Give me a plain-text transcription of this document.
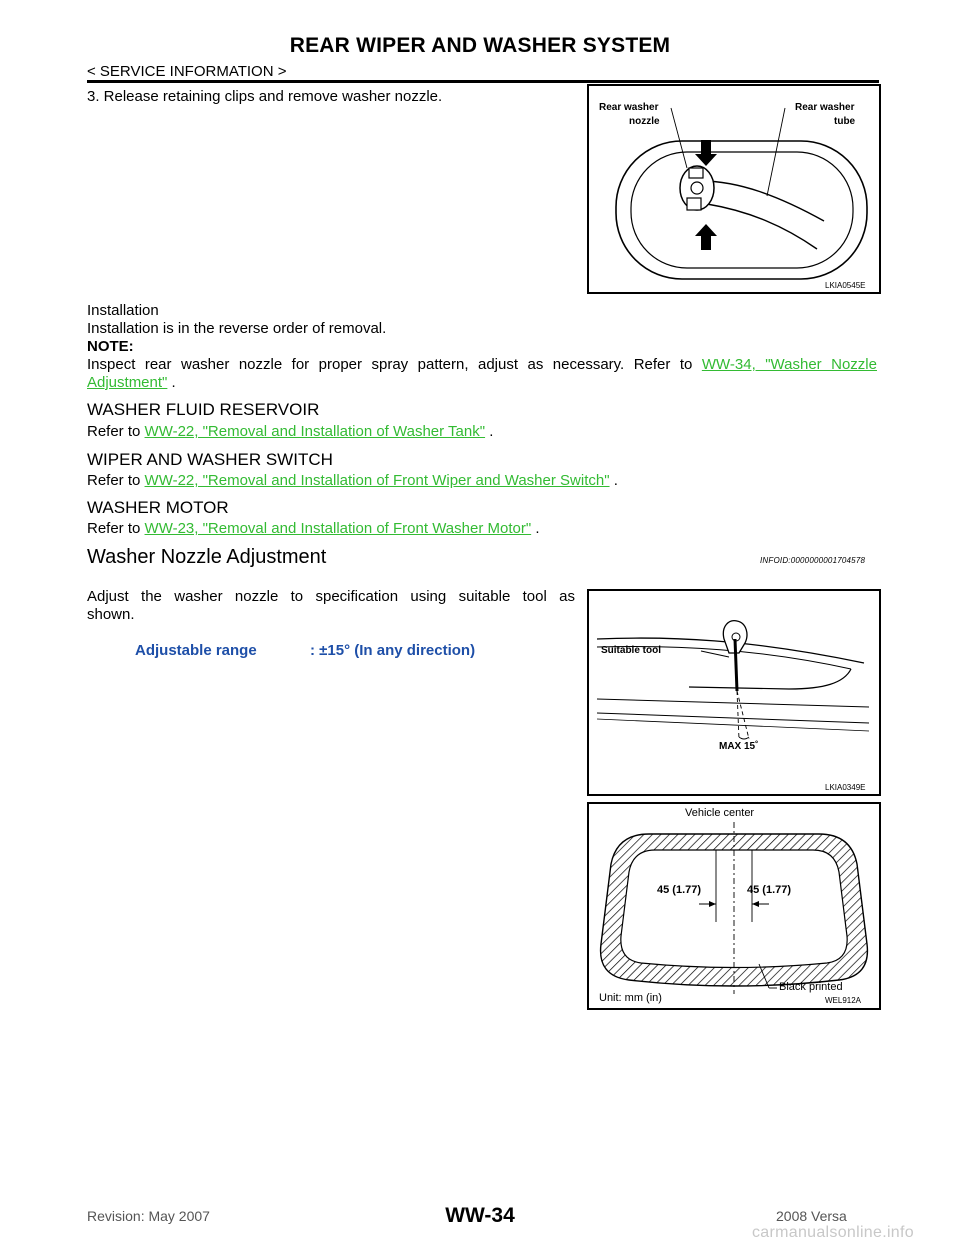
REAR WIPER AND WASHER SYSTEM
< SERVICE INFORMATION >
3. Release retaining clips and remove washer nozzle.
Rear washer
nozzle
Rear washer
tube
LKIA0545E
Installation
Installation is in the reverse order of removal.
NOTE:
Inspect rear washer nozzle for proper spray pattern, adjust as necessary. Refer to WW-34, "Washer Nozzle
Adjustment" .
WASHER FLUID RESERVOIR
Refer to WW-22, "Removal and Installation of Washer Tank" .
WIPER AND WASHER SWITCH
Refer to WW-22, "Removal and Installation of Front Wiper and Washer Switch" .
WASHER MOTOR
Refer to WW-23, "Removal and Installation of Front Washer Motor" .
Washer Nozzle Adjustment	INFOID:0000000001704578
Adjust the washer nozzle to specification using suitable tool as
shown.
Adjustable range	: ±15° (In any direction)	Suitable tool
MAX 15˚
LKIA0349E
Vehicle center
45 (1.77)	45 (1.77)
Black printed
Unit: mm (in)	WEL912A
Revision: May 2007	WW-34	2008 Versa
carmanualsonline.info
